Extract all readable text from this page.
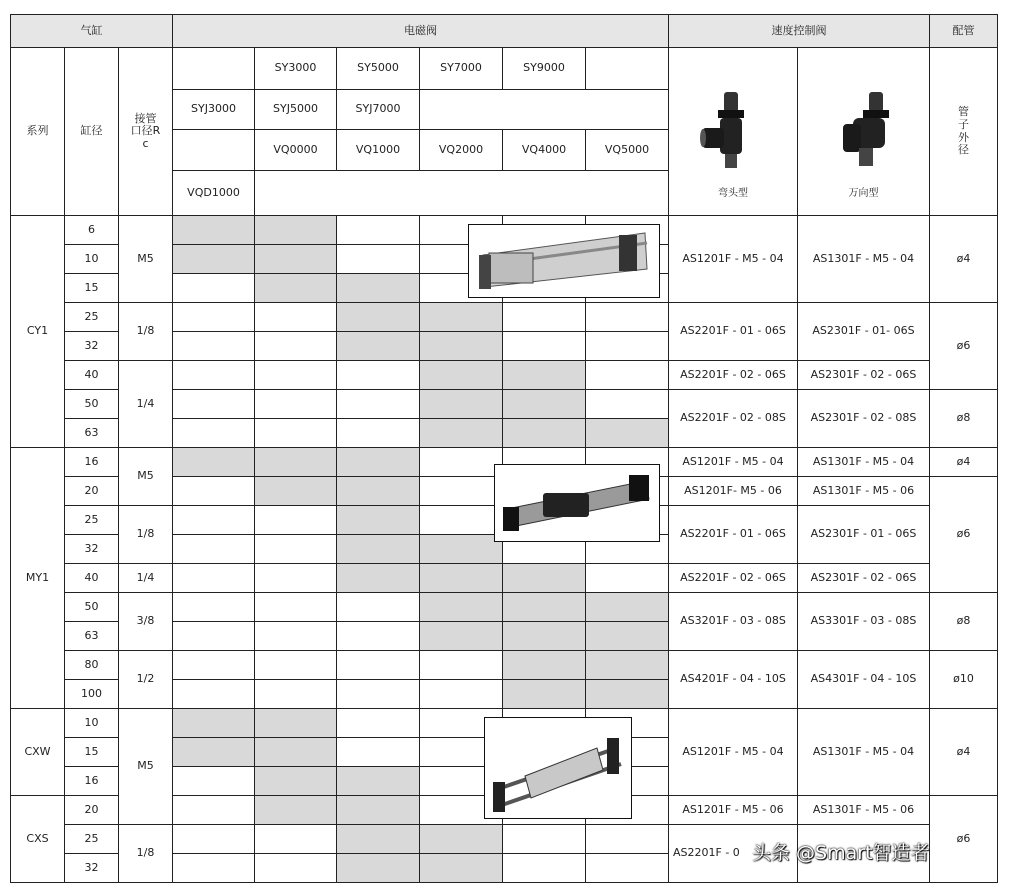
气缸			电磁阀						速度控制阀		配管
系列	缸径	接管口径Rc		SY3000	SY5000	SY7000	SY9000		弯头型	万向型	管子外径

			SYJ3000	SYJ5000	SYJ7000						
				VQ0000	VQ1000	VQ2000	VQ4000	VQ5000			
			VQD1000								
CY1	6	M5							AS1201F - M5 - 04	AS1301F - M5 - 04	ø4
	10										
	15										
	25	1/8							AS2201F - 01 - 06S	AS2301F - 01- 06S	ø6
	32										
	40	1/4							AS2201F - 02 - 06S	AS2301F - 02 - 06S	
	50								AS2201F - 02 - 08S	AS2301F - 02 - 08S	ø8
	63										
MY1	16	M5							AS1201F - M5 - 04	AS1301F - M5 - 04	ø4
	20								AS1201F- M5 - 06	AS1301F - M5 - 06	ø6
	25	1/8							AS2201F - 01 - 06S	AS2301F - 01 - 06S	
	32										
	40	1/4							AS2201F - 02 - 06S	AS2301F - 02 - 06S	
	50	3/8							AS3201F - 03 - 08S	AS3301F - 03 - 08S	ø8
	63										
	80	1/2							AS4201F - 04 - 10S	AS4301F - 04 - 10S	ø10
	100										
CXW	10	M5							AS1201F - M5 - 04	AS1301F - M5 - 04	ø4
	15										
	16										
CXS	20								AS1201F - M5 - 06	AS1301F - M5 - 06	ø6
	25	1/8							AS2201F - 0		
	32										
头条 @Smart智造者
